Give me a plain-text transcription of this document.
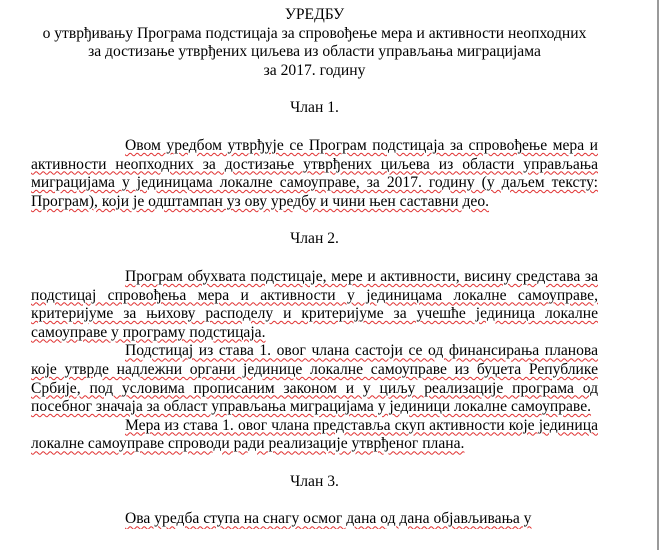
УРЕДБУ
о утврђивању Програма подстицаја за спровођење мера и активности неопходних
за достизање утврђених циљева из области управљања миграцијама
за 2017. годину
Члан 1.

Овом уредбом утврђује се Програм подстицаја за спровођење мера и активности неопходних за достизање утврђених циљева из области управљања миграцијама у јединицама локалне самоуправе, за 2017. годину (у даљем тексту: Програм), који је одштампан уз ову уредбу и чини њен саставни део.

Члан 2.

Програм обухвата подстицаје, мере и активности, висину средстава за подстицај спровођења мера и активности у јединицама локалне самоуправе, критеријуме за њихову расподелу и критеријуме за учешће јединица локалне самоуправе у програму подстицаја.

Подстицај из става 1. овог члана састоји се од финансирања планова које утврде надлежни органи јединице локалне самоуправе из буџета Републике Србије, под условима прописаним законом и у циљу реализације програма од посебног значаја за област управљања миграцијама у јединици локалне самоуправе.

Мера из става 1. овог члана представља скуп активности које јединица локалне самоуправе спроводи ради реализације утврђеног плана.

Члан 3.

Ова уредба ступа на снагу осмог дана од дана објављивања у
